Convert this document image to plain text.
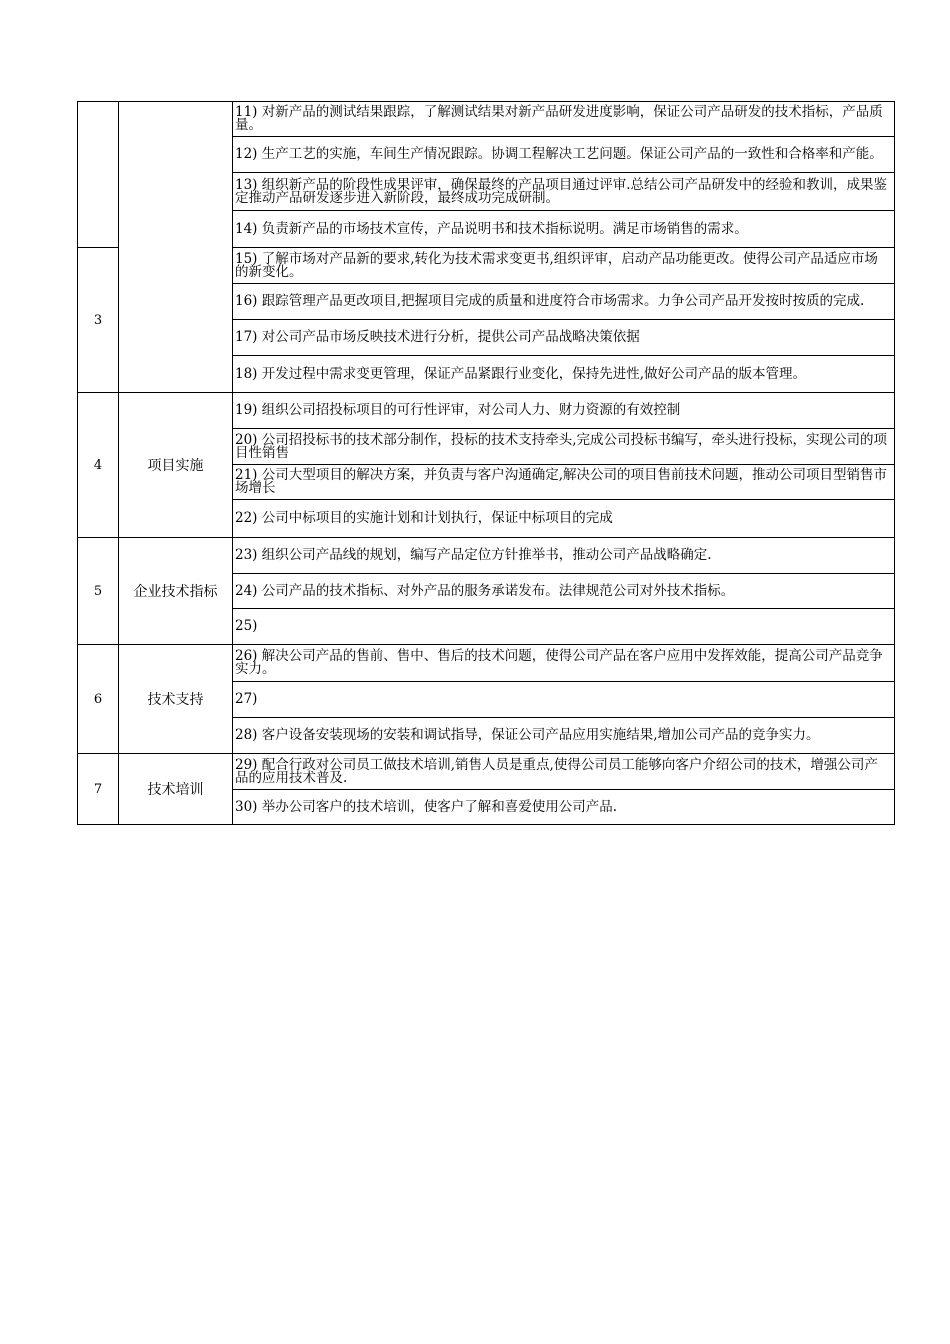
		11) 对新产品的测试结果跟踪，了解测试结果对新产品研发进度影响，保证公司产品研发的技术指标，产品质量。
		12) 生产工艺的实施，车间生产情况跟踪。协调工程解决工艺问题。保证公司产品的一致性和合格率和产能。
		13) 组织新产品的阶段性成果评审，确保最终的产品项目通过评审.总结公司产品研发中的经验和教训，成果鉴定推动产品研发逐步进入新阶段，最终成功完成研制。
		14) 负责新产品的市场技术宣传，产品说明书和技术指标说明。满足市场销售的需求。
3		15) 了解市场对产品新的要求,转化为技术需求变更书,组织评审，启动产品功能更改。使得公司产品适应市场的新变化。
		16) 跟踪管理产品更改项目,把握项目完成的质量和进度符合市场需求。力争公司产品开发按时按质的完成.
		17) 对公司产品市场反映技术进行分析，提供公司产品战略决策依据
		18) 开发过程中需求变更管理，保证产品紧跟行业变化，保持先进性,做好公司产品的版本管理。
4	项目实施	19) 组织公司招投标项目的可行性评审，对公司人力、财力资源的有效控制
		20) 公司招投标书的技术部分制作，投标的技术支持牵头,完成公司投标书编写，牵头进行投标，实现公司的项目性销售
		21) 公司大型项目的解决方案，并负责与客户沟通确定,解决公司的项目售前技术问题，推动公司项目型销售市场增长
		22) 公司中标项目的实施计划和计划执行，保证中标项目的完成
5	企业技术指标	23) 组织公司产品线的规划，编写产品定位方针推举书，推动公司产品战略确定.
		24) 公司产品的技术指标、对外产品的服务承诺发布。法律规范公司对外技术指标。
		25)
6	技术支持	26) 解决公司产品的售前、售中、售后的技术问题，使得公司产品在客户应用中发挥效能，提高公司产品竞争实力。
		27)
		28) 客户设备安装现场的安装和调试指导，保证公司产品应用实施结果,增加公司产品的竞争实力。
7	技术培训	29) 配合行政对公司员工做技术培训,销售人员是重点,使得公司员工能够向客户介绍公司的技术，增强公司产品的应用技术普及.
		30) 举办公司客户的技术培训，使客户了解和喜爱使用公司产品.
